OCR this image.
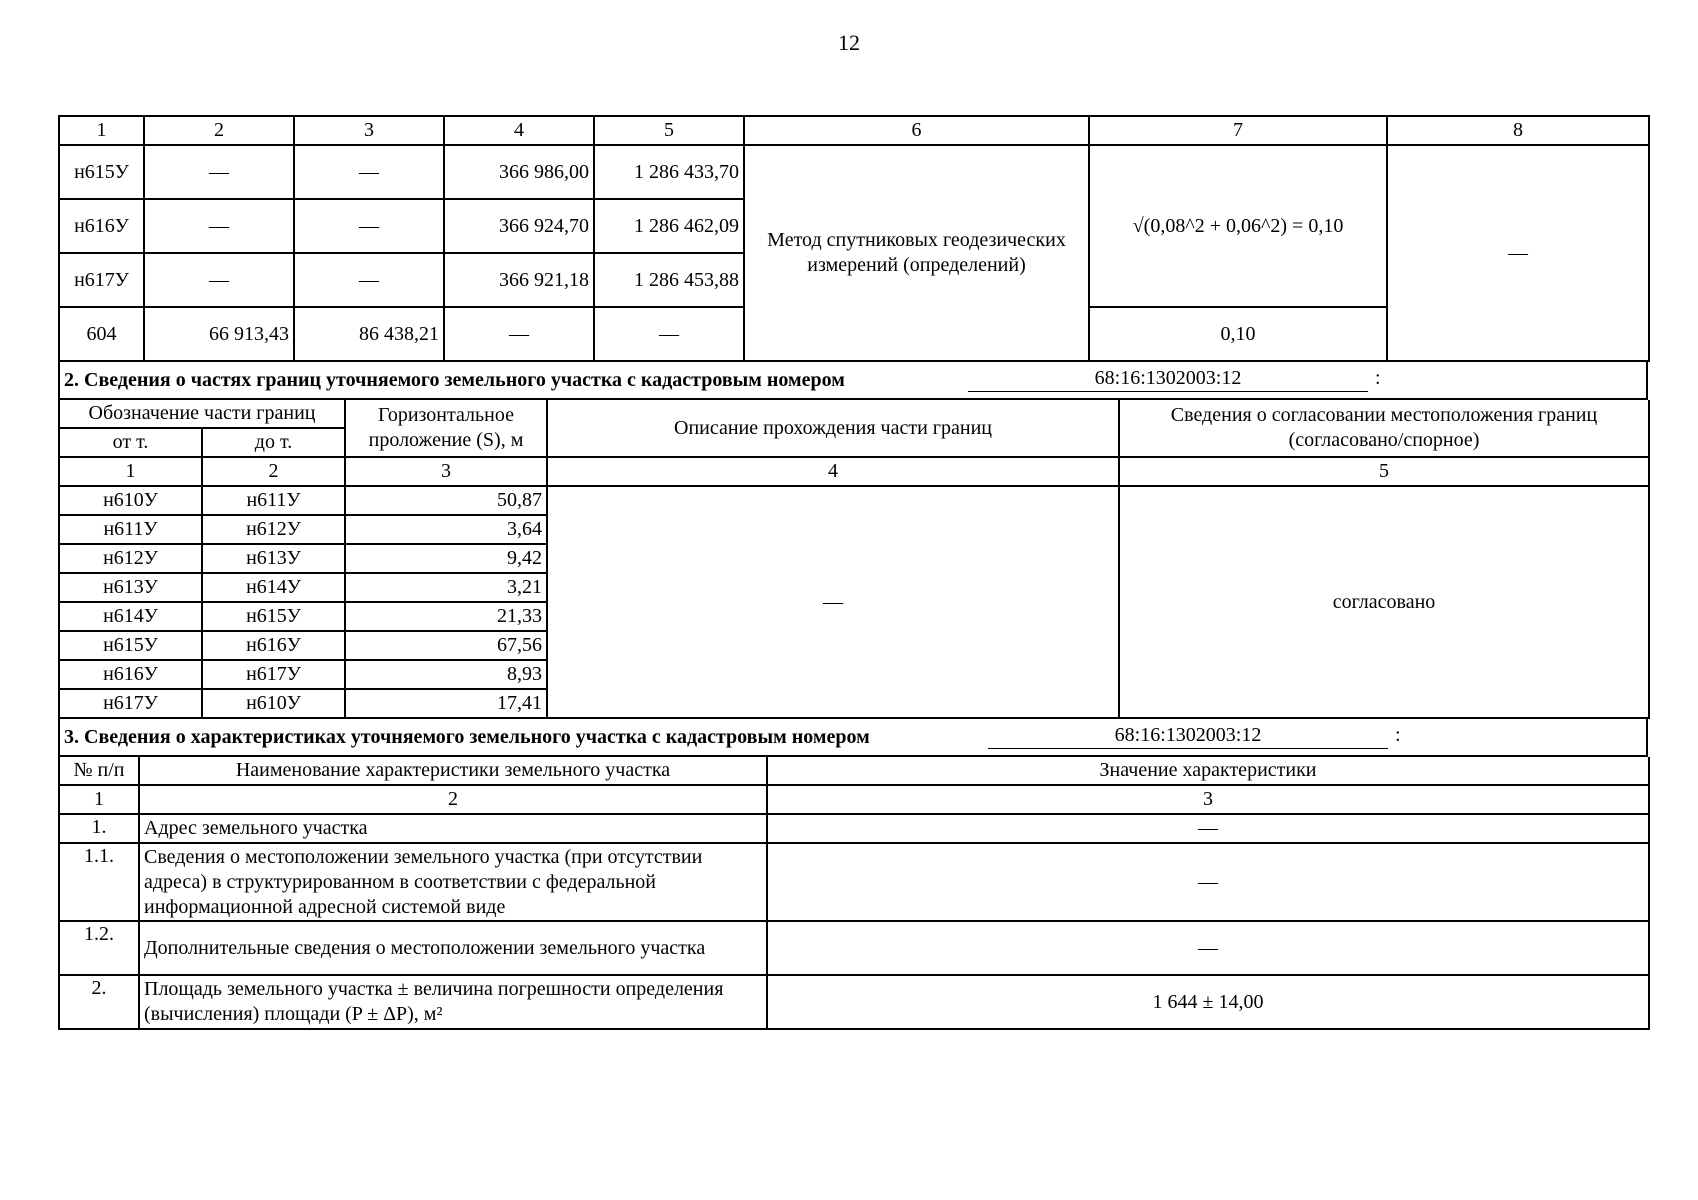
12
1	2	3	4	5	6	7	8
н615У	—	—	366 986,00	1 286 433,70	Метод спутниковых геодезических измерений (определений)	√(0,08^2 + 0,06^2) = 0,10	—
н616У	—	—	366 924,70	1 286 462,09			
н617У	—	—	366 921,18	1 286 453,88			
604	66 913,43	86 438,21	—	—		0,10	
2. Сведения о частях границ уточняемого земельного участка с кадастровым номером	68:16:1302003:12	:
Обозначение части границ		Горизонтальное проложение (S), м	Описание прохождения части границ	Сведения о согласовании местоположения границ (согласовано/спорное)
от т.	до т.			
1	2	3	4	5
н610У	н611У	50,87	—	согласовано
н611У	н612У	3,64		
н612У	н613У	9,42		
н613У	н614У	3,21		
н614У	н615У	21,33		
н615У	н616У	67,56		
н616У	н617У	8,93		
н617У	н610У	17,41		
3. Сведения о характеристиках уточняемого земельного участка с кадастровым номером	68:16:1302003:12	:
№ п/п	Наименование характеристики земельного участка	Значение характеристики
1	2	3
1.	Адрес земельного участка	—
1.1.	Сведения о местоположении земельного участка (при отсутствии адреса) в структурированном в соответствии с федеральной информационной адресной системой виде	—
1.2.	Дополнительные сведения о местоположении земельного участка	—
2.	Площадь земельного участка ± величина погрешности определения (вычисления) площади (P ± ΔP), м²	1 644 ± 14,00
